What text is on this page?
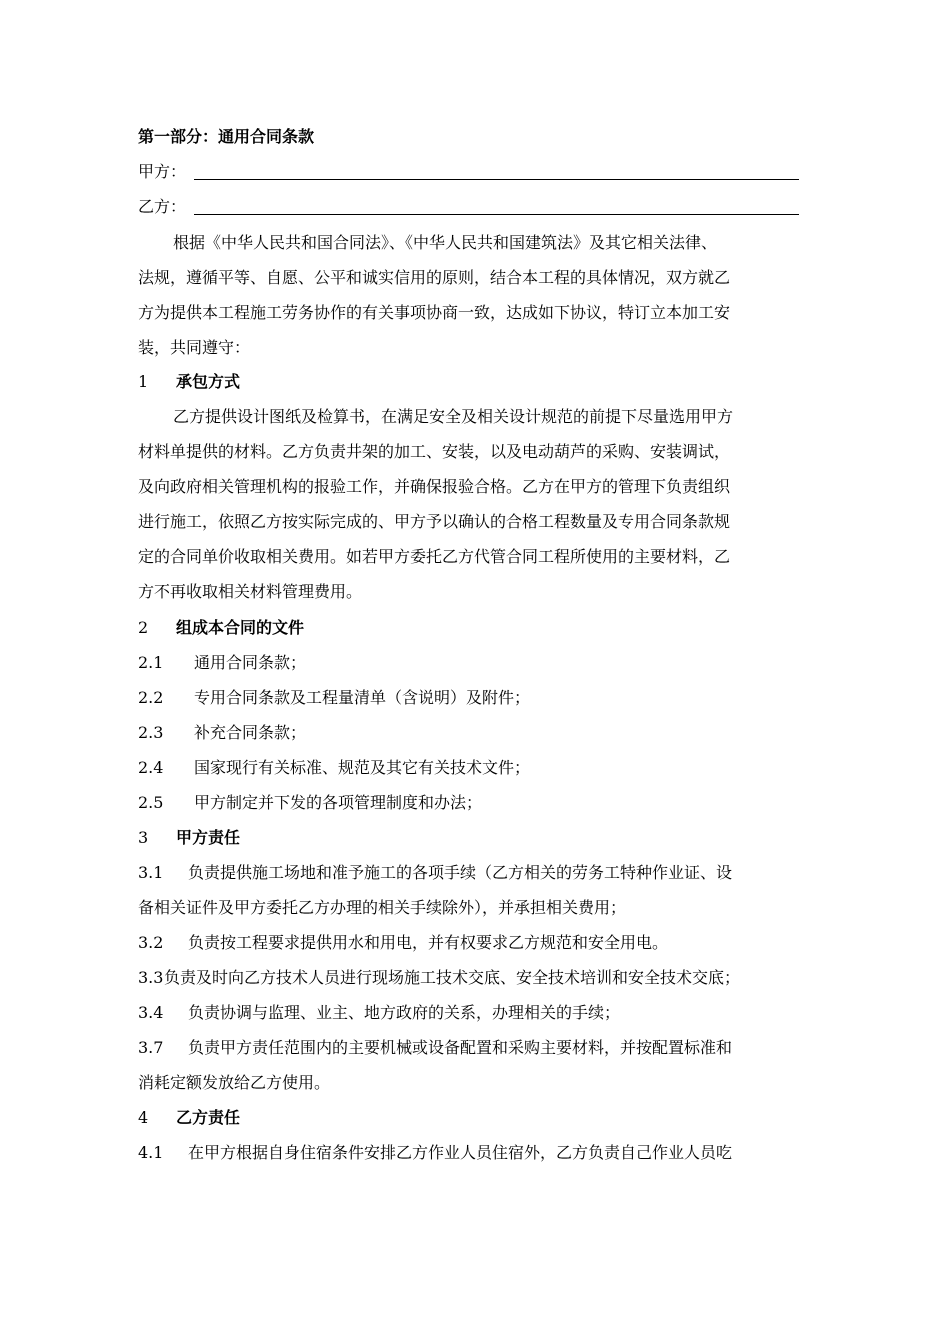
第一部分：通用合同条款
甲方：
乙方：
根据《中华人民共和国合同法》、《中华人民共和国建筑法》及其它相关法律、
法规，遵循平等、自愿、公平和诚实信用的原则，结合本工程的具体情况，双方就乙
方为提供本工程施工劳务协作的有关事项协商一致，达成如下协议，特订立本加工安
装，共同遵守：
1 承包方式
乙方提供设计图纸及检算书，在满足安全及相关设计规范的前提下尽量选用甲方
材料单提供的材料。乙方负责井架的加工、安装，以及电动葫芦的采购、安装调试，
及向政府相关管理机构的报验工作，并确保报验合格。乙方在甲方的管理下负责组织
进行施工，依照乙方按实际完成的、甲方予以确认的合格工程数量及专用合同条款规
定的合同单价收取相关费用。如若甲方委托乙方代管合同工程所使用的主要材料，乙
方不再收取相关材料管理费用。
2 组成本合同的文件
2.1 通用合同条款；
2.2 专用合同条款及工程量清单（含说明）及附件；
2.3 补充合同条款；
2.4 国家现行有关标准、规范及其它有关技术文件；
2.5 甲方制定并下发的各项管理制度和办法；
3 甲方责任
3.1 负责提供施工场地和准予施工的各项手续（乙方相关的劳务工特种作业证、设
备相关证件及甲方委托乙方办理的相关手续除外），并承担相关费用；
3.2 负责按工程要求提供用水和用电，并有权要求乙方规范和安全用电。
3.3负责及时向乙方技术人员进行现场施工技术交底、安全技术培训和安全技术交底；
3.4 负责协调与监理、业主、地方政府的关系，办理相关的手续；
3.7 负责甲方责任范围内的主要机械或设备配置和采购主要材料，并按配置标准和
消耗定额发放给乙方使用。
4 乙方责任
4.1 在甲方根据自身住宿条件安排乙方作业人员住宿外，乙方负责自己作业人员吃
